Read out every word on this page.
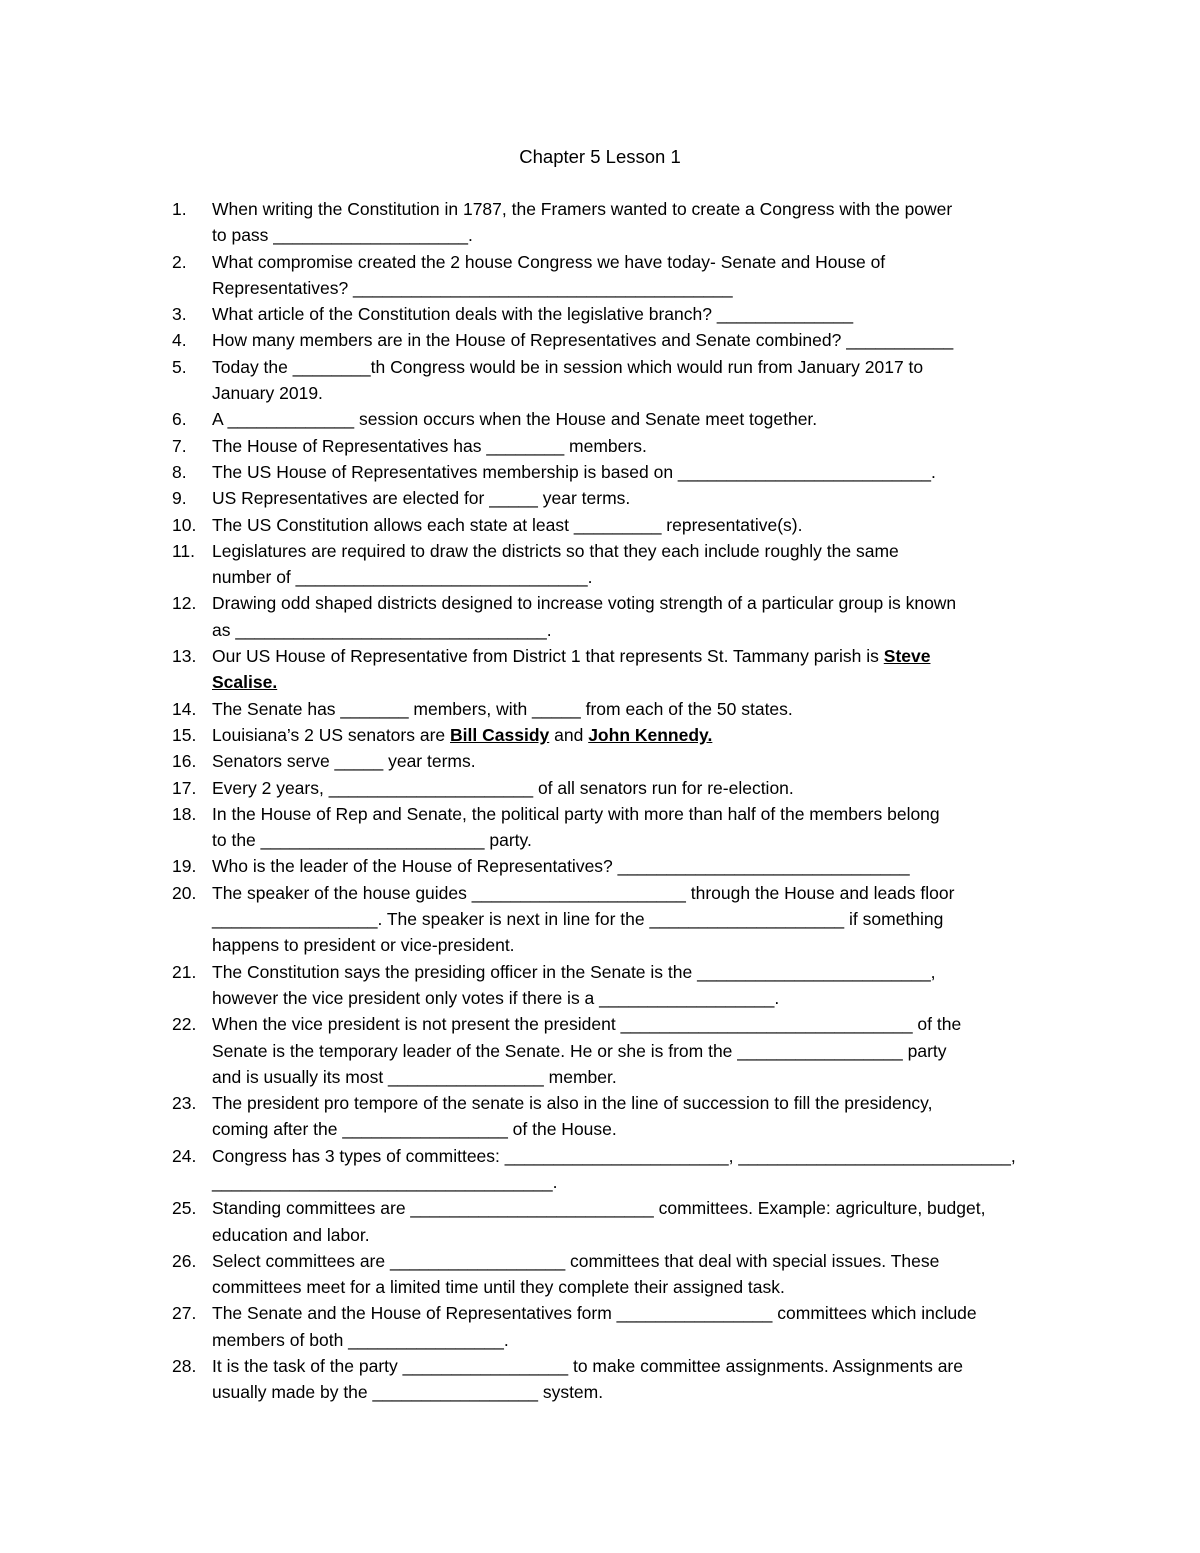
Chapter 5 Lesson 1
1.	When writing the Constitution in 1787, the Framers wanted to create a Congress with the power
to pass ____________________.
2.	What compromise created the 2 house Congress we have today- Senate and House of
Representatives? _______________________________________
3.	What article of the Constitution deals with the legislative branch? ______________
4.	How many members are in the House of Representatives and Senate combined? ___________
5.	Today the ________th Congress would be in session which would run from January 2017 to
January 2019.
6.	A _____________ session occurs when the House and Senate meet together.
7.	The House of Representatives has ________ members.
8.	The US House of Representatives membership is based on __________________________.
9.	US Representatives are elected for _____ year terms.
10. The US Constitution allows each state at least _________ representative(s).
11. Legislatures are required to draw the districts so that they each include roughly the same
number of ______________________________.
12. Drawing odd shaped districts designed to increase voting strength of a particular group is known
as ________________________________.
13. Our US House of Representative from District 1 that represents St. Tammany parish is Steve
Scalise.
14. The Senate has _______ members, with _____ from each of the 50 states.
15. Louisiana’s 2 US senators are Bill Cassidy and John Kennedy.
16. Senators serve _____ year terms.
17. Every 2 years, _____________________ of all senators run for re-election.
18. In the House of Rep and Senate, the political party with more than half of the members belong
to the _______________________ party.
19. Who is the leader of the House of Representatives? ______________________________
20. The speaker of the house guides ______________________ through the House and leads floor
_________________. The speaker is next in line for the ____________________ if something
happens to president or vice-president.
21. The Constitution says the presiding officer in the Senate is the ________________________,
however the vice president only votes if there is a __________________.
22. When the vice president is not present the president ______________________________ of the
Senate is the temporary leader of the Senate. He or she is from the _________________ party
and is usually its most ________________ member.
23. The president pro tempore of the senate is also in the line of succession to fill the presidency,
coming after the _________________ of the House.
24. Congress has 3 types of committees: _______________________, ____________________________,
___________________________________.
25. Standing committees are _________________________ committees. Example: agriculture, budget,
education and labor.
26. Select committees are __________________ committees that deal with special issues. These
committees meet for a limited time until they complete their assigned task.
27. The Senate and the House of Representatives form ________________ committees which include
members of both ________________.
28. It is the task of the party _________________ to make committee assignments. Assignments are
usually made by the _________________ system.
